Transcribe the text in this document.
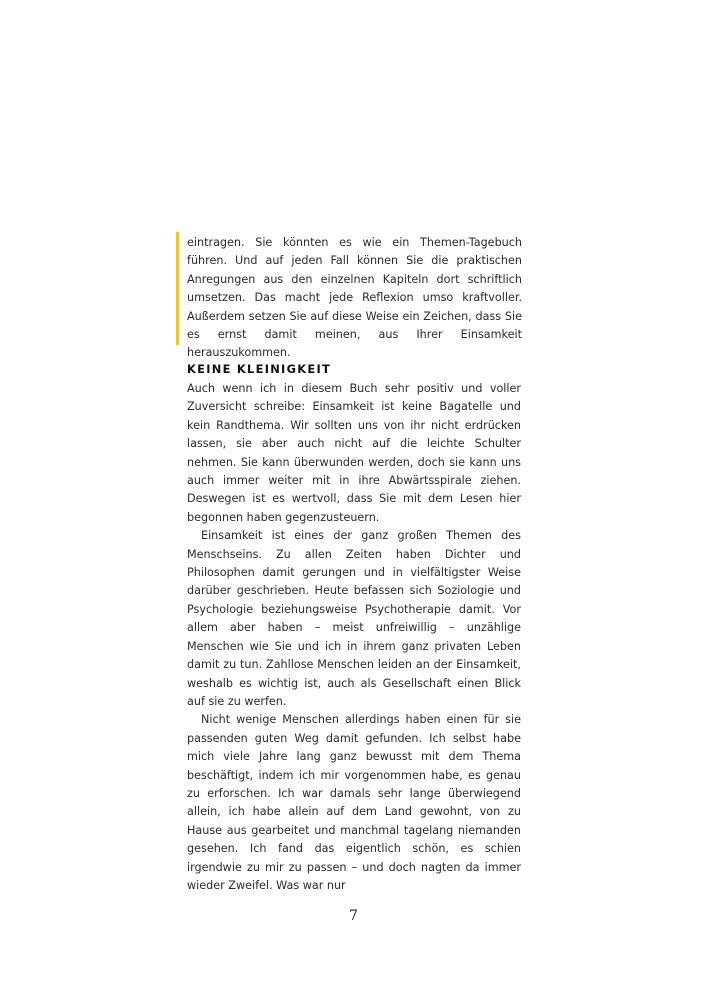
eintragen. Sie könnten es wie ein Themen-Tagebuch führen. Und auf jeden Fall können Sie die praktischen Anregungen aus den einzelnen Kapiteln dort schriftlich umsetzen. Das macht jede Reflexion umso kraftvoller. Außerdem setzen Sie auf diese Weise ein Zeichen, dass Sie es ernst damit meinen, aus Ihrer Einsamkeit herauszukommen.

KEINE KLEINIGKEIT

Auch wenn ich in diesem Buch sehr positiv und voller Zuversicht schreibe: Einsamkeit ist keine Bagatelle und kein Randthema. Wir sollten uns von ihr nicht erdrücken lassen, sie aber auch nicht auf die leichte Schulter nehmen. Sie kann überwunden werden, doch sie kann uns auch immer weiter mit in ihre Abwärtsspirale ziehen. Deswegen ist es wertvoll, dass Sie mit dem Lesen hier begonnen haben gegenzusteuern.

Einsamkeit ist eines der ganz großen Themen des Menschseins. Zu allen Zeiten haben Dichter und Philosophen damit gerungen und in vielfältigster Weise darüber geschrieben. Heute befassen sich Soziologie und Psychologie beziehungsweise Psychotherapie damit. Vor allem aber haben – meist unfreiwillig – unzählige Menschen wie Sie und ich in ihrem ganz privaten Leben damit zu tun. Zahllose Menschen leiden an der Einsamkeit, weshalb es wichtig ist, auch als Gesellschaft einen Blick auf sie zu werfen.

Nicht wenige Menschen allerdings haben einen für sie passenden guten Weg damit gefunden. Ich selbst habe mich viele Jahre lang ganz bewusst mit dem Thema beschäftigt, indem ich mir vorgenommen habe, es genau zu erforschen. Ich war damals sehr lange überwiegend allein, ich habe allein auf dem Land gewohnt, von zu Hause aus gearbeitet und manchmal tagelang niemanden gesehen. Ich fand das eigentlich schön, es schien irgendwie zu mir zu passen – und doch nagten da immer wieder Zweifel. Was war nur

7
